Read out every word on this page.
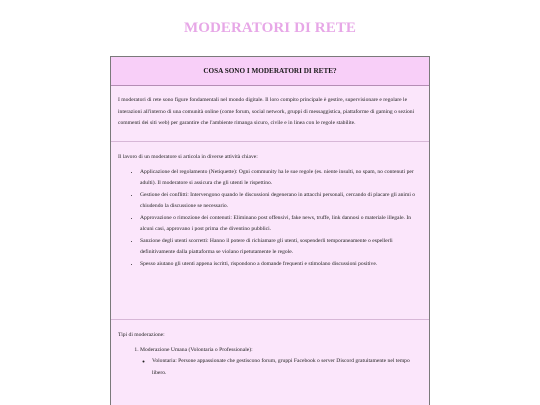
MODERATORI DI RETE
COSA SONO I MODERATORI DI RETE?

I moderatori di rete sono figure fondamentali nel mondo digitale. Il loro compito principale è gestire, supervisionare e regolare le interazioni all'interno di una comunità online (come forum, social network, gruppi di messaggistica, piattaforme di gaming o sezioni commenti dei siti web) per garantire che l'ambiente rimanga sicuro, civile e in linea con le regole stabilite.

Il lavoro di un moderatore si articola in diverse attività chiave:

• Applicazione del regolamento (Netiquette): Ogni community ha le sue regole (es. niente insulti, no spam, no contenuti per adulti). Il moderatore si assicura che gli utenti le rispettino.
• Gestione dei conflitti: Intervengono quando le discussioni degenerano in attacchi personali, cercando di placare gli animi o chiudendo la discussione se necessario.
• Approvazione o rimozione dei contenuti: Eliminano post offensivi, fake news, truffe, link dannosi o materiale illegale. In alcuni casi, approvano i post prima che diventino pubblici.
• Sanzione degli utenti scorretti: Hanno il potere di richiamare gli utenti, sospenderli temporaneamente o espellerli definitivamente dalla piattaforma se violano ripetutamente le regole.
• Spesso aiutano gli utenti appena iscritti, rispondono a domande frequenti e stimolano discussioni positive.

Tipi di moderazione:

1. Moderazione Umana (Volontaria o Professionale):
◦ Volontaria: Persone appassionate che gestiscono forum, gruppi Facebook o server Discord gratuitamente nel tempo libero.
